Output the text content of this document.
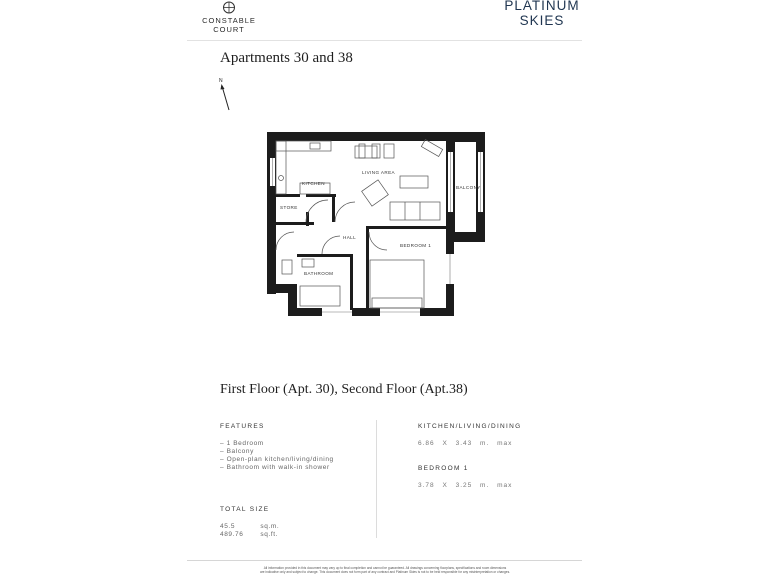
CONSTABLE COURT
PLATINUM
SKIES
Apartments 30 and 38
N
KITCHEN
LIVING AREA
BALCONY
STORE
HALL
BEDROOM 1
BATHROOM
First Floor (Apt. 30), Second Floor (Apt.38)
FEATURES
– 1 Bedroom
– Balcony
– Open-plan kitchen/living/dining
– Bathroom with walk-in shower
TOTAL SIZE
45.5	sq.m.
489.76	sq.ft.
KITCHEN/LIVING/DINING
6.86 X 3.43 m. max
BEDROOM 1
3.78 X 3.25 m. max
All information provided in this document may vary up to final completion and cannot be guaranteed. All drawings concerning floorplans, specifications and room dimensions
are indicative only and subject to change. This document does not form part of any contract and Platinum Skies is not to be held responsible for any misinterpretation or changes.
